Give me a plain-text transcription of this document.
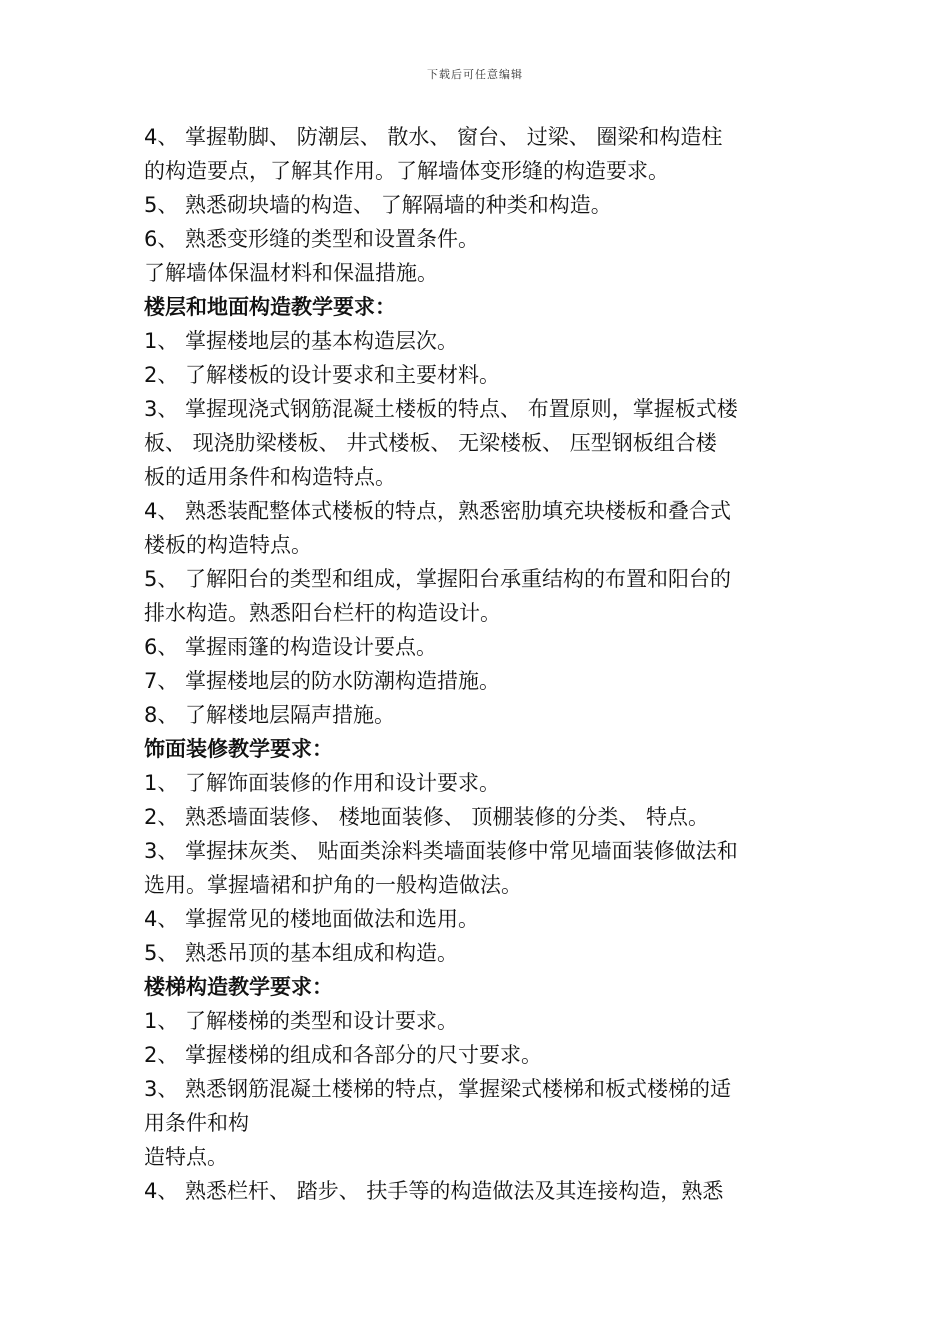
下载后可任意编辑
4、 掌握勒脚、 防潮层、 散水、 窗台、 过梁、 圈梁和构造柱
的构造要点，了解其作用。了解墙体变形缝的构造要求。
5、 熟悉砌块墙的构造、 了解隔墙的种类和构造。
6、 熟悉变形缝的类型和设置条件。
了解墙体保温材料和保温措施。
楼层和地面构造教学要求：
1、 掌握楼地层的基本构造层次。
2、 了解楼板的设计要求和主要材料。
3、 掌握现浇式钢筋混凝土楼板的特点、 布置原则，掌握板式楼
板、 现浇肋梁楼板、 井式楼板、 无梁楼板、 压型钢板组合楼
板的适用条件和构造特点。
4、 熟悉装配整体式楼板的特点，熟悉密肋填充块楼板和叠合式
楼板的构造特点。
5、 了解阳台的类型和组成，掌握阳台承重结构的布置和阳台的
排水构造。熟悉阳台栏杆的构造设计。
6、 掌握雨篷的构造设计要点。
7、 掌握楼地层的防水防潮构造措施。
8、 了解楼地层隔声措施。
饰面装修教学要求：
1、 了解饰面装修的作用和设计要求。
2、 熟悉墙面装修、 楼地面装修、 顶棚装修的分类、 特点。
3、 掌握抹灰类、 贴面类涂料类墙面装修中常见墙面装修做法和
选用。掌握墙裙和护角的一般构造做法。
4、 掌握常见的楼地面做法和选用。
5、 熟悉吊顶的基本组成和构造。
楼梯构造教学要求：
1、 了解楼梯的类型和设计要求。
2、 掌握楼梯的组成和各部分的尺寸要求。
3、 熟悉钢筋混凝土楼梯的特点，掌握梁式楼梯和板式楼梯的适
用条件和构
造特点。
4、 熟悉栏杆、 踏步、 扶手等的构造做法及其连接构造，熟悉
